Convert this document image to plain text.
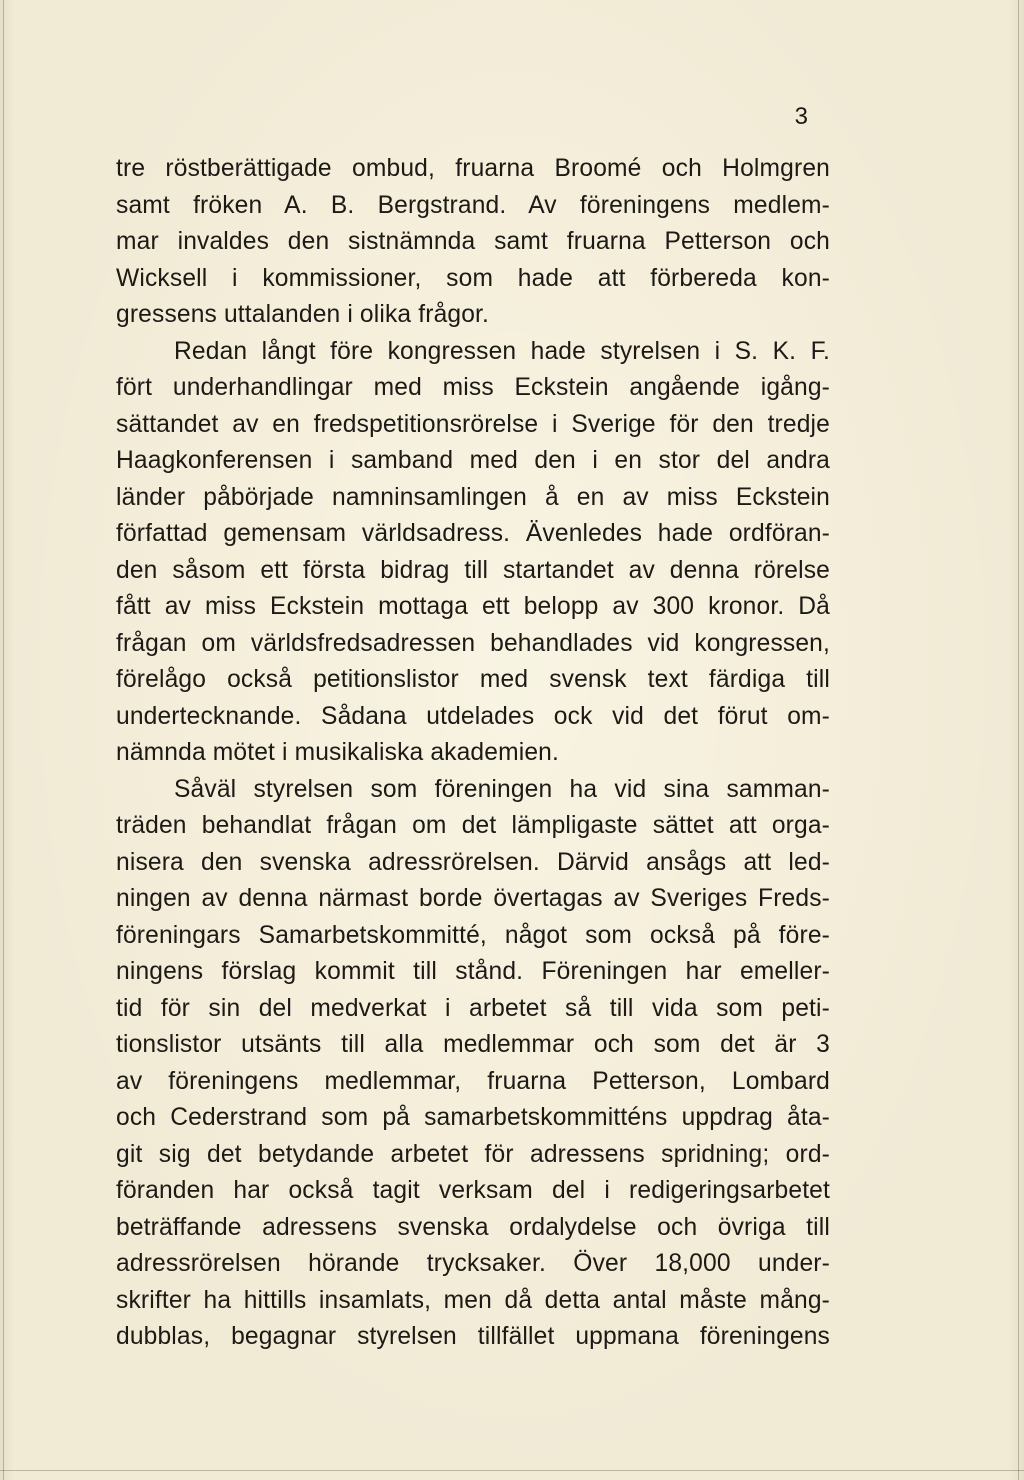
3
tre röstberättigade ombud, fruarna Broomé och Holmgren
samt fröken A. B. Bergstrand. Av föreningens medlem-
mar invaldes den sistnämnda samt fruarna Petterson och
Wicksell i kommissioner, som hade att förbereda kon-
gressens uttalanden i olika frågor.
Redan långt före kongressen hade styrelsen i S. K. F.
fört underhandlingar med miss Eckstein angående igång-
sättandet av en fredspetitionsrörelse i Sverige för den tredje
Haagkonferensen i samband med den i en stor del andra
länder påbörjade namninsamlingen å en av miss Eckstein
författad gemensam världsadress. Ävenledes hade ordföran-
den såsom ett första bidrag till startandet av denna rörelse
fått av miss Eckstein mottaga ett belopp av 300 kronor. Då
frågan om världsfredsadressen behandlades vid kongressen,
förelågo också petitionslistor med svensk text färdiga till
undertecknande. Sådana utdelades ock vid det förut om-
nämnda mötet i musikaliska akademien.
Såväl styrelsen som föreningen ha vid sina samman-
träden behandlat frågan om det lämpligaste sättet att orga-
nisera den svenska adressrörelsen. Därvid ansågs att led-
ningen av denna närmast borde övertagas av Sveriges Freds-
föreningars Samarbetskommitté, något som också på före-
ningens förslag kommit till stånd. Föreningen har emeller-
tid för sin del medverkat i arbetet så till vida som peti-
tionslistor utsänts till alla medlemmar och som det är 3
av föreningens medlemmar, fruarna Petterson, Lombard
och Cederstrand som på samarbetskommitténs uppdrag åta-
git sig det betydande arbetet för adressens spridning; ord-
föranden har också tagit verksam del i redigeringsarbetet
beträffande adressens svenska ordalydelse och övriga till
adressrörelsen hörande trycksaker. Över 18,000 under-
skrifter ha hittills insamlats, men då detta antal måste mång-
dubblas, begagnar styrelsen tillfället uppmana föreningens
